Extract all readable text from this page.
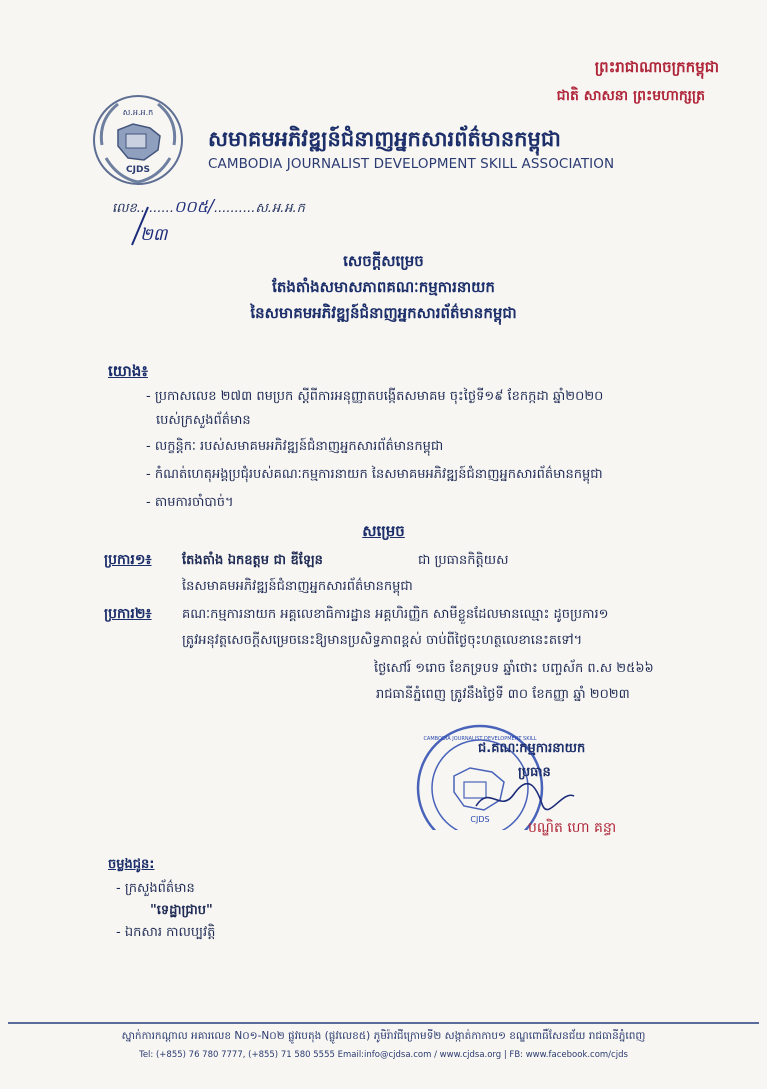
ព្រះរាជាណាចក្រកម្ពុជា
ជាតិ សាសនា ព្រះមហាក្សត្រ
ស.អ.អ.ក
CJDS
សមាគមអភិវឌ្ឍន៍ជំនាញអ្នកសារព័ត៌មានកម្ពុជា
CAMBODIA JOURNALIST DEVELOPMENT SKILL ASSOCIATION
លេខ.........០០៥/..........ស.អ.អ.ក
២៣
សេចក្ដីសម្រេច
តែងតាំងសមាសភាពគណៈកម្មការនាយក
នៃសមាគមអភិវឌ្ឍន៍ជំនាញអ្នកសារព័ត៌មានកម្ពុជា
យោង៖
- ប្រកាសលេខ ២៧៣ ពមប្រក ស្ដីពីការអនុញ្ញាតបង្កើតសមាគម ចុះថ្ងៃទី១៩ ខែកក្កដា ឆ្នាំ២០២០
បេស់ក្រសួងព័ត៌មាន
- លក្ខន្តិកៈ របស់សមាគមអភិវឌ្ឍន៍ជំនាញអ្នកសារព័ត៌មានកម្ពុជា
- កំណត់ហេតុអង្គប្រជុំរបស់គណៈកម្មការនាយក នៃសមាគមអភិវឌ្ឍន៍ជំនាញអ្នកសារព័ត៌មានកម្ពុជា
- តាមការចាំបាច់។
សម្រេច
ប្រការ១៖ តែងតាំង ឯកឧត្តម ជា ឌីឡែន	ជា ប្រធានកិត្តិយស
នៃសមាគមអភិវឌ្ឍន៍ជំនាញអ្នកសារព័ត៌មានកម្ពុជា
ប្រការ២៖ គណៈកម្មការនាយក អគ្គលេខាធិការដ្ឋាន អគ្គហិរញ្ញិក សាមីខ្លួនដែលមានឈ្មោះ ដូចប្រការ១
ត្រូវអនុវត្តសេចក្ដីសម្រេចនេះឱ្យមានប្រសិទ្ធភាពខ្ពស់ ចាប់ពីថ្ងៃចុះហត្ថលេខានេះតទៅ។
ថ្ងៃសៅរ៍ ១រោច ខែភទ្របទ ឆ្នាំថោះ បញ្ចស័ក ព.ស ២៥៦៦
រាជធានីភ្នំពេញ ត្រូវនឹងថ្ងៃទី ៣០ ខែកញ្ញា ឆ្នាំ ២០២៣
CJDS
CAMBODIA JOURNALIST DEVELOPMENT SKILL
ជ.គណៈកម្មការនាយក
ប្រធាន
បណ្ឌិត ហោ គន្ធា
ចម្លងជូន:
- ក្រសួងព័ត៌មាន
"ទេដ្ឋាជ្រាប"
- ឯកសារ កាលប្បវត្តិ
ស្នាក់ការកណ្ដាល អគារលេខ N០១-N០២ ផ្លូវបេតុង (ផ្លូវលេខ៥) ភូមិរ៉ាវជីក្រោមទី២ សង្កាត់កាកាប១ ខណ្ឌពោធិ៍សែនជ័យ រាជធានីភ្នំពេញ
Tel: (+855) 76 780 7777, (+855) 71 580 5555 Email:info@cjdsa.com / www.cjdsa.org | FB: www.facebook.com/cjds
